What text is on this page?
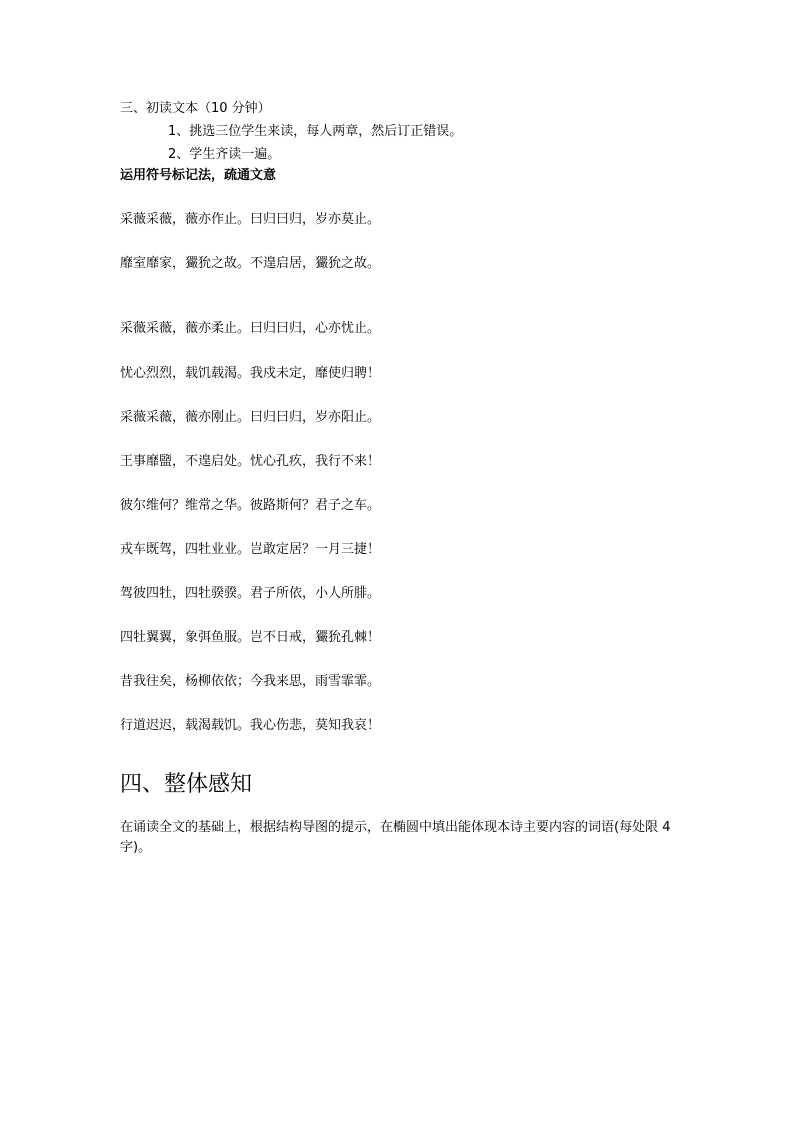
三、初读文本（10 分钟）
1、挑选三位学生来读，每人两章，然后订正错误。
2、学生齐读一遍。
运用符号标记法，疏通文意
采薇采薇，薇亦作止。曰归曰归，岁亦莫止。
靡室靡家，玁狁之故。不遑启居，玁狁之故。
采薇采薇，薇亦柔止。曰归曰归，心亦忧止。
忧心烈烈，载饥载渴。我戍未定，靡使归聘！
采薇采薇，薇亦刚止。曰归曰归，岁亦阳止。
王事靡盬，不遑启处。忧心孔疚，我行不来！
彼尔维何？维常之华。彼路斯何？君子之车。
戎车既驾，四牡业业。岂敢定居？一月三捷！
驾彼四牡，四牡骙骙。君子所依，小人所腓。
四牡翼翼，象弭鱼服。岂不日戒，玁狁孔棘！
昔我往矣，杨柳依依；今我来思，雨雪霏霏。
行道迟迟，载渴载饥。我心伤悲，莫知我哀！
四、整体感知
在诵读全文的基础上，根据结构导图的提示，在椭圆中填出能体现本诗主要内容的词语(每处限 4字)。
